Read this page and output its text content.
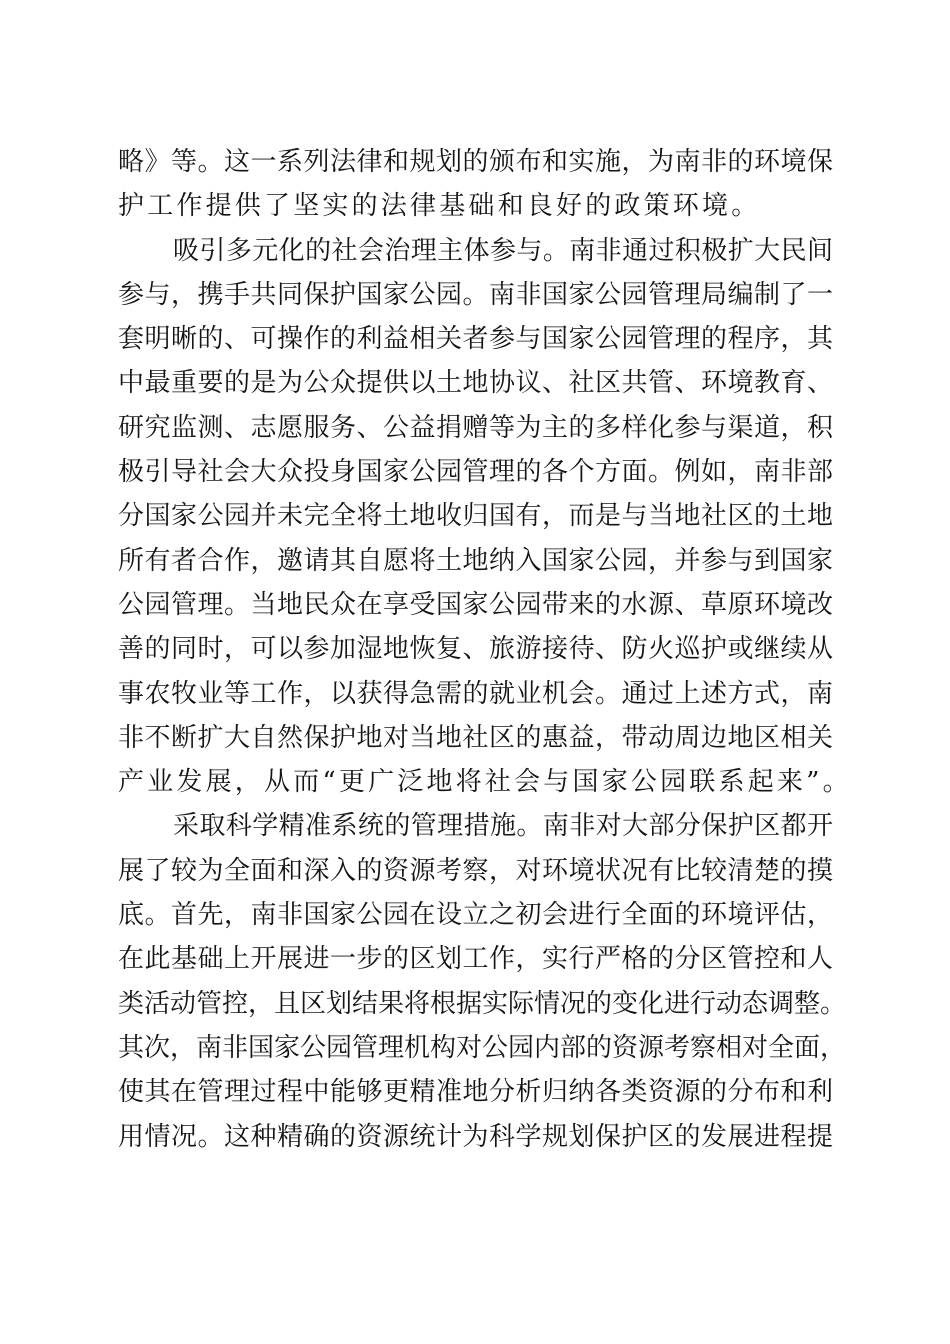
略》等。这一系列法律和规划的颁布和实施，为南非的环境保
护工作提供了坚实的法律基础和良好的政策环境。
吸引多元化的社会治理主体参与。南非通过积极扩大民间
参与，携手共同保护国家公园。南非国家公园管理局编制了一
套明晰的、可操作的利益相关者参与国家公园管理的程序，其
中最重要的是为公众提供以土地协议、社区共管、环境教育、
研究监测、志愿服务、公益捐赠等为主的多样化参与渠道，积
极引导社会大众投身国家公园管理的各个方面。例如，南非部
分国家公园并未完全将土地收归国有，而是与当地社区的土地
所有者合作，邀请其自愿将土地纳入国家公园，并参与到国家
公园管理。当地民众在享受国家公园带来的水源、草原环境改
善的同时，可以参加湿地恢复、旅游接待、防火巡护或继续从
事农牧业等工作，以获得急需的就业机会。通过上述方式，南
非不断扩大自然保护地对当地社区的惠益，带动周边地区相关
产业发展，从而“更广泛地将社会与国家公园联系起来”。
采取科学精准系统的管理措施。南非对大部分保护区都开
展了较为全面和深入的资源考察，对环境状况有比较清楚的摸
底。首先，南非国家公园在设立之初会进行全面的环境评估，
在此基础上开展进一步的区划工作，实行严格的分区管控和人
类活动管控，且区划结果将根据实际情况的变化进行动态调整。
其次，南非国家公园管理机构对公园内部的资源考察相对全面，
使其在管理过程中能够更精准地分析归纳各类资源的分布和利
用情况。这种精确的资源统计为科学规划保护区的发展进程提
